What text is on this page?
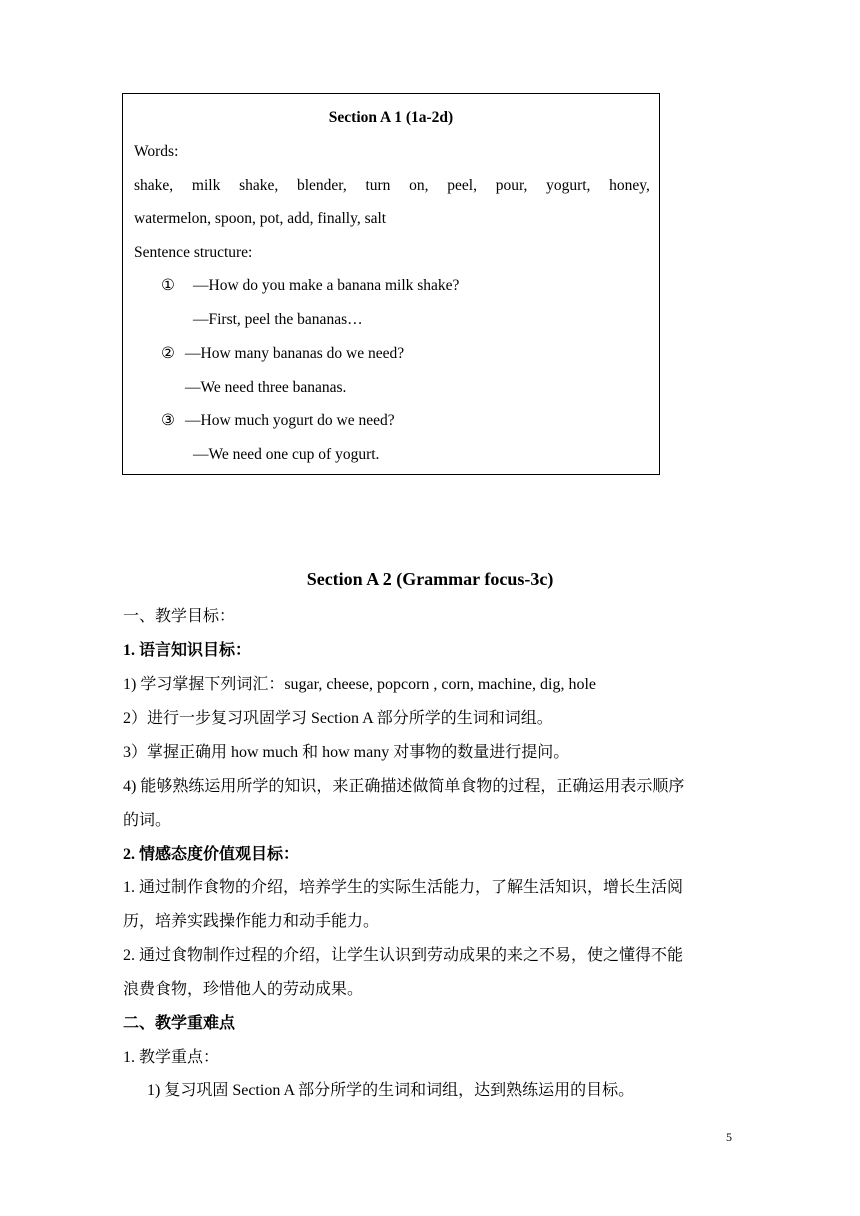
Section A 1 (1a-2d)
Words:
shake, milk shake, blender, turn on, peel, pour, yogurt, honey,
watermelon, spoon, pot, add, finally, salt
Sentence structure:
① —How do you make a banana milk shake?
—First, peel the bananas…
② —How many bananas do we need?
—We need three bananas.
③ —How much yogurt do we need?
—We need one cup of yogurt.
Section A 2 (Grammar focus-3c)
一、教学目标：
1. 语言知识目标：
1) 学习掌握下列词汇：sugar, cheese, popcorn , corn, machine, dig, hole
2）进行一步复习巩固学习 Section A 部分所学的生词和词组。
3）掌握正确用 how much 和 how many 对事物的数量进行提问。
4) 能够熟练运用所学的知识，来正确描述做简单食物的过程，正确运用表示顺序
的词。
2. 情感态度价值观目标：
1. 通过制作食物的介绍，培养学生的实际生活能力，了解生活知识，增长生活阅
历，培养实践操作能力和动手能力。
2. 通过食物制作过程的介绍，让学生认识到劳动成果的来之不易，使之懂得不能
浪费食物，珍惜他人的劳动成果。
二、教学重难点
1. 教学重点：
1) 复习巩固 Section A 部分所学的生词和词组，达到熟练运用的目标。
5
